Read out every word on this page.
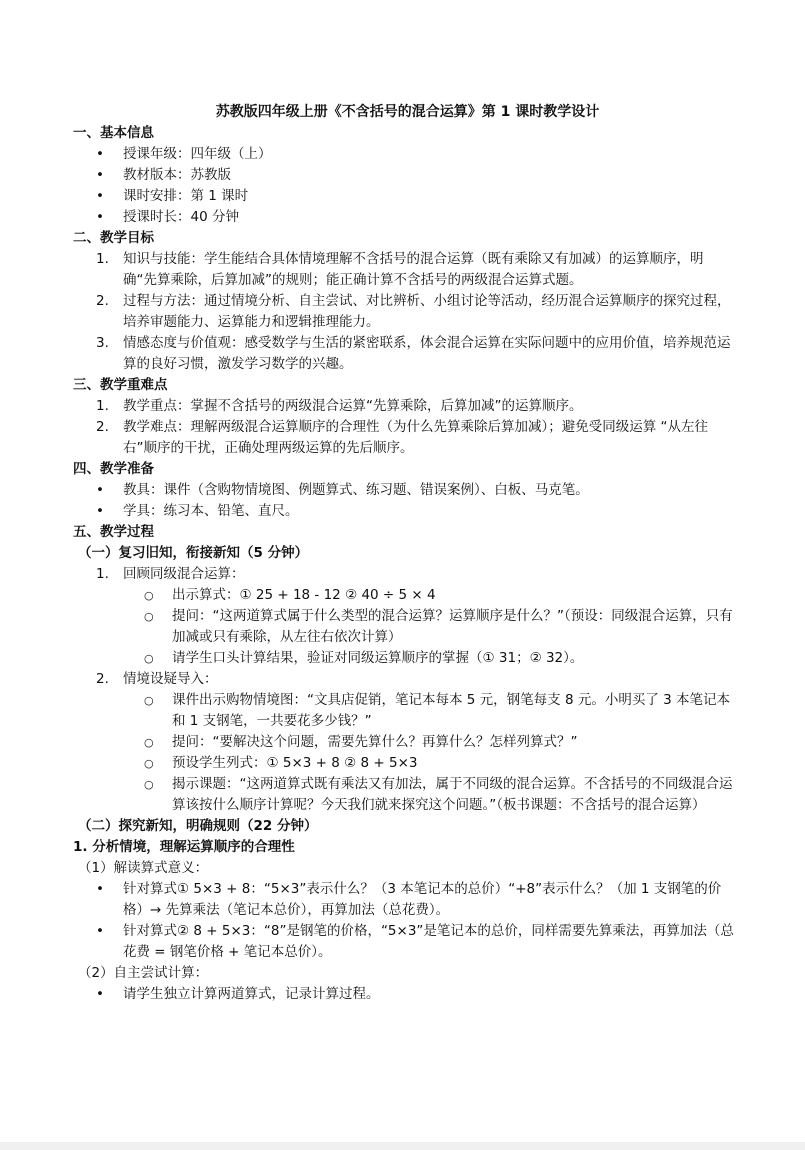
苏教版四年级上册《不含括号的混合运算》第 1 课时教学设计
一、基本信息
• 授课年级：四年级（上）
• 教材版本：苏教版
• 课时安排：第 1 课时
• 授课时长：40 分钟
二、教学目标
1. 知识与技能：学生能结合具体情境理解不含括号的混合运算（既有乘除又有加减）的运算顺序，明确“先算乘除，后算加减”的规则；能正确计算不含括号的两级混合运算式题。
2. 过程与方法：通过情境分析、自主尝试、对比辨析、小组讨论等活动，经历混合运算顺序的探究过程，培养审题能力、运算能力和逻辑推理能力。
3. 情感态度与价值观：感受数学与生活的紧密联系，体会混合运算在实际问题中的应用价值，培养规范运算的良好习惯，激发学习数学的兴趣。
三、教学重难点
1. 教学重点：掌握不含括号的两级混合运算“先算乘除，后算加减”的运算顺序。
2. 教学难点：理解两级混合运算顺序的合理性（为什么先算乘除后算加减）；避免受同级运算 “从左往右”顺序的干扰，正确处理两级运算的先后顺序。
四、教学准备
• 教具：课件（含购物情境图、例题算式、练习题、错误案例）、白板、马克笔。
• 学具：练习本、铅笔、直尺。
五、教学过程
（一）复习旧知，衔接新知（5 分钟）
1. 回顾同级混合运算：
○ 出示算式：① 25 + 18 - 12 ② 40 ÷ 5 × 4
○ 提问：“这两道算式属于什么类型的混合运算？运算顺序是什么？”（预设：同级混合运算，只有加减或只有乘除，从左往右依次计算）
○ 请学生口头计算结果，验证对同级运算顺序的掌握（① 31；② 32）。
2. 情境设疑导入：
○ 课件出示购物情境图：“文具店促销，笔记本每本 5 元，钢笔每支 8 元。小明买了 3 本笔记本和 1 支钢笔，一共要花多少钱？”
○ 提问：“要解决这个问题，需要先算什么？再算什么？怎样列算式？”
○ 预设学生列式：① 5×3 + 8 ② 8 + 5×3
○ 揭示课题：“这两道算式既有乘法又有加法，属于不同级的混合运算。不含括号的不同级混合运算该按什么顺序计算呢？今天我们就来探究这个问题。”（板书课题：不含括号的混合运算）
（二）探究新知，明确规则（22 分钟）
1. 分析情境，理解运算顺序的合理性
（1）解读算式意义：
• 针对算式① 5×3 + 8：“5×3”表示什么？（3 本笔记本的总价）“+8”表示什么？（加 1 支钢笔的价格）→ 先算乘法（笔记本总价），再算加法（总花费）。
• 针对算式② 8 + 5×3：“8”是钢笔的价格，“5×3”是笔记本的总价，同样需要先算乘法，再算加法（总花费 = 钢笔价格 + 笔记本总价）。
（2）自主尝试计算：
• 请学生独立计算两道算式，记录计算过程。
